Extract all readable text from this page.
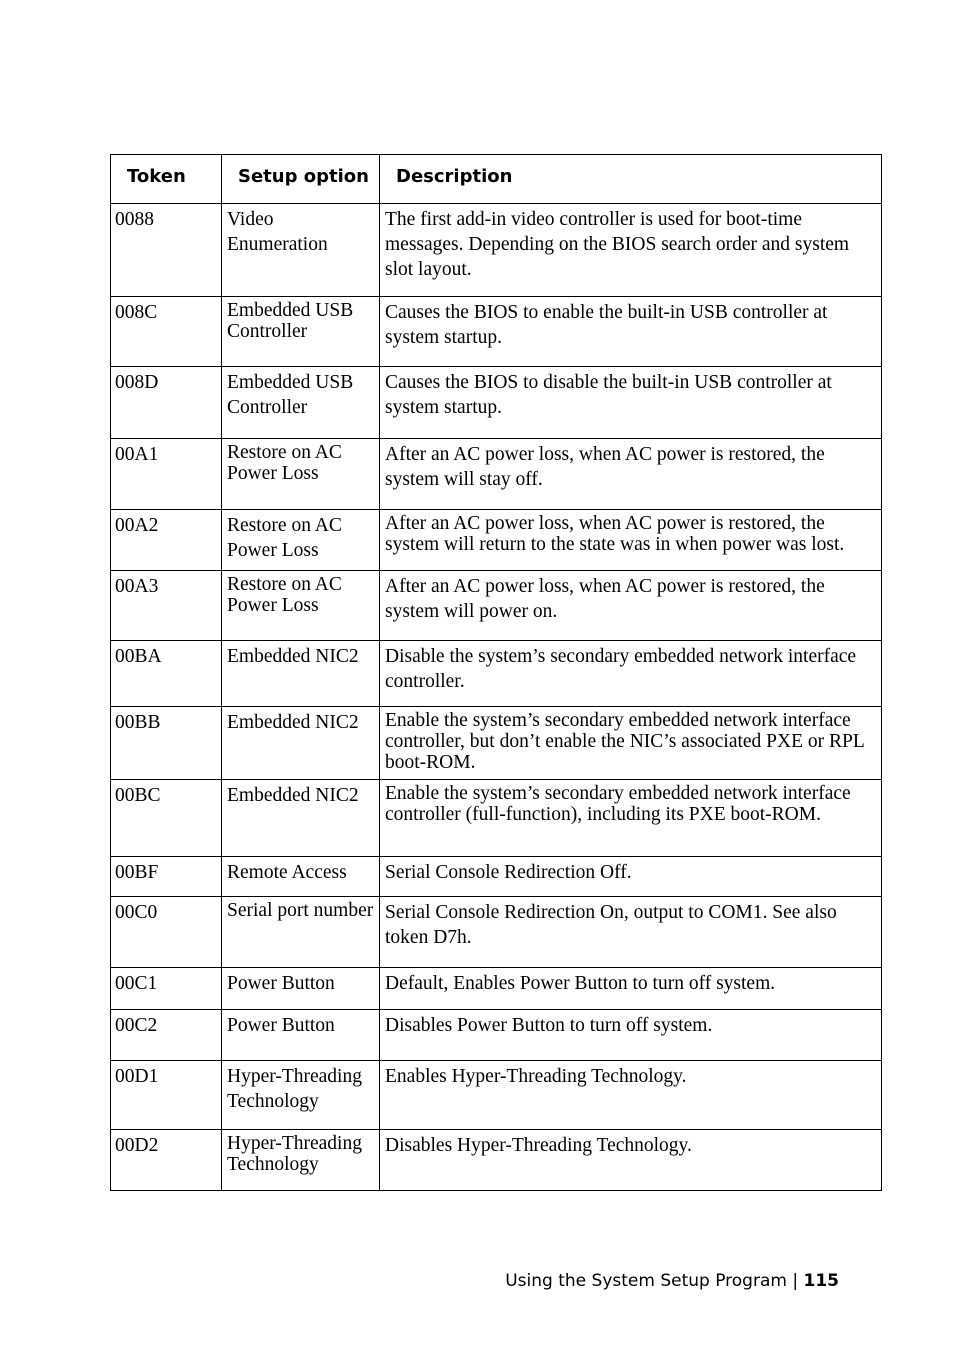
Token	Setup option	Description
0088	Video Enumeration	The first add-in video controller is used for boot-time messages. Depending on the BIOS search order and system slot layout.
008C	Embedded USB Controller	Causes the BIOS to enable the built-in USB controller at system startup.
008D	Embedded USB Controller	Causes the BIOS to disable the built-in USB controller at system startup.
00A1	Restore on AC Power Loss	After an AC power loss, when AC power is restored, the system will stay off.
00A2	Restore on AC Power Loss	After an AC power loss, when AC power is restored, the system will return to the state was in when power was lost.
00A3	Restore on AC Power Loss	After an AC power loss, when AC power is restored, the system will power on.
00BA	Embedded NIC2	Disable the system’s secondary embedded network interface controller.
00BB	Embedded NIC2	Enable the system’s secondary embedded network interface controller, but don’t enable the NIC’s associated PXE or RPL boot-ROM.
00BC	Embedded NIC2	Enable the system’s secondary embedded network interface controller (full-function), including its PXE boot-ROM.
00BF	Remote Access	Serial Console Redirection Off.
00C0	Serial port number	Serial Console Redirection On, output to COM1. See also token D7h.
00C1	Power Button	Default, Enables Power Button to turn off system.
00C2	Power Button	Disables Power Button to turn off system.
00D1	Hyper-Threading Technology	Enables Hyper-Threading Technology.
00D2	Hyper-Threading Technology	Disables Hyper-Threading Technology.
Using the System Setup Program | 115
